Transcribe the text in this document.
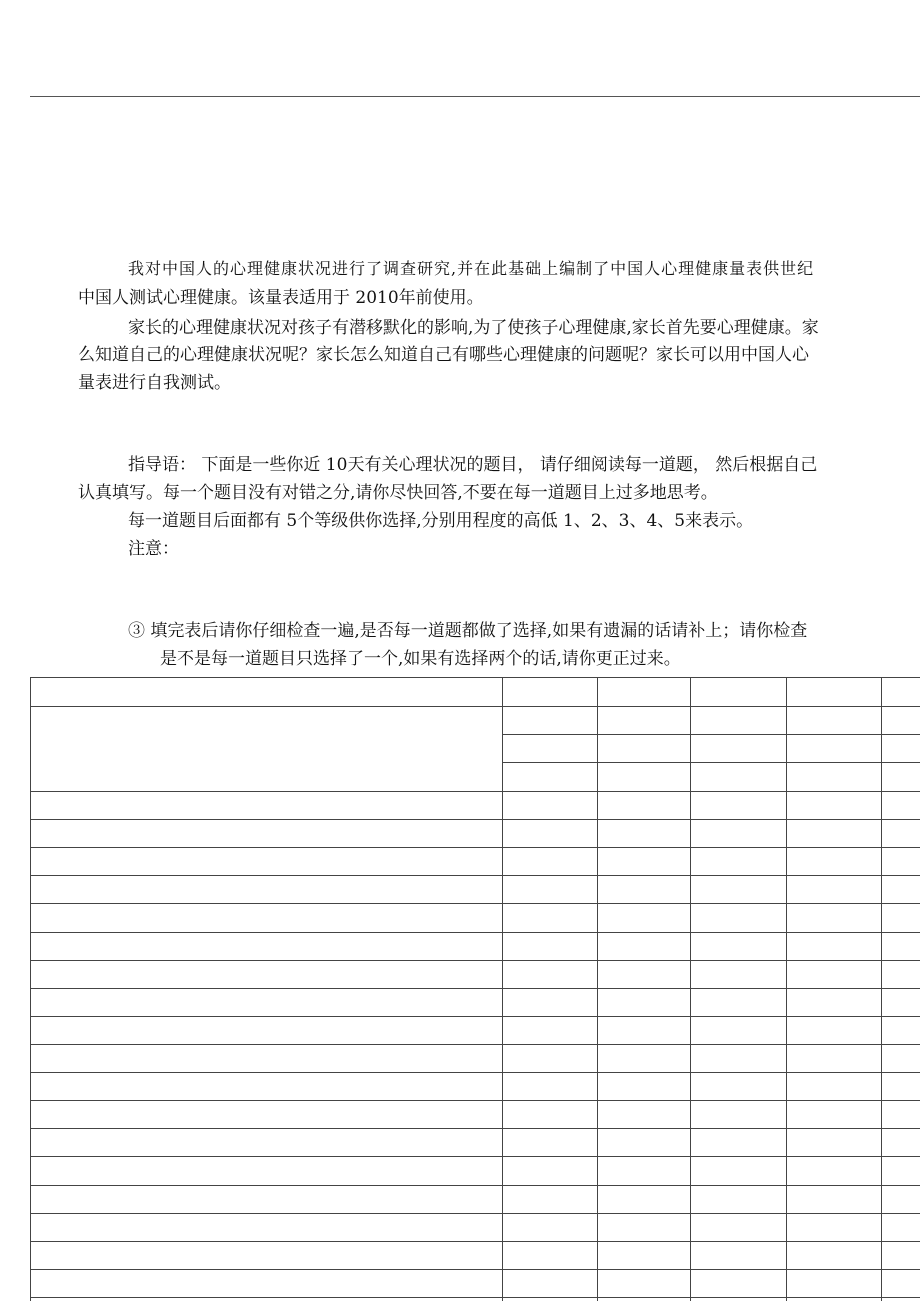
我对中国人的心理健康状况进行了调查研究,并在此基础上编制了中国人心理健康量表供世纪
中国人测试心理健康。该量表适用于 2010年前使用。
家长的心理健康状况对孩子有潜移默化的影响,为了使孩子心理健康,家长首先要心理健康。家
么知道自己的心理健康状况呢？家长怎么知道自己有哪些心理健康的问题呢？家长可以用中国人心
量表进行自我测试。
指导语： 下面是一些你近 10天有关心理状况的题目， 请仔细阅读每一道题， 然后根据自己
认真填写。每一个题目没有对错之分,请你尽快回答,不要在每一道题目上过多地思考。
每一道题目后面都有 5个等级供你选择,分别用程度的高低 1、2、3、4、5来表示。
注意：
③ 填完表后请你仔细检查一遍,是否每一道题都做了选择,如果有遗漏的话请补上；请你检查
是不是每一道题目只选择了一个,如果有选择两个的话,请你更正过来。
